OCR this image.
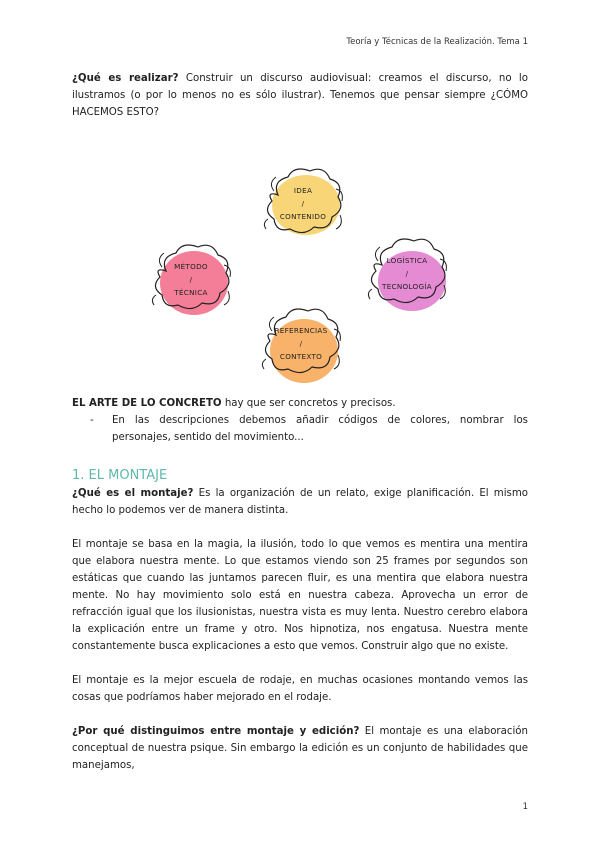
Teoría y Técnicas de la Realización. Tema 1

¿Qué es realizar? Construir un discurso audiovisual: creamos el discurso, no lo ilustramos (o por lo menos no es sólo ilustrar). Tenemos que pensar siempre ¿CÓMO HACEMOS ESTO?

IDEA
/
CONTENIDO
MÉTODO
/
TÉCNICA
LOGÍSTICA
/
TECNOLOGÍA
REFERENCIAS
/
CONTEXTO

EL ARTE DE LO CONCRETO hay que ser concretos y precisos.

-	En las descripciones debemos añadir códigos de colores, nombrar los personajes, sentido del movimiento...
1. EL MONTAJE

¿Qué es el montaje? Es la organización de un relato, exige planificación. El mismo hecho lo podemos ver de manera distinta.

El montaje se basa en la magia, la ilusión, todo lo que vemos es mentira una mentira que elabora nuestra mente. Lo que estamos viendo son 25 frames por segundos son estáticas que cuando las juntamos parecen fluir, es una mentira que elabora nuestra mente. No hay movimiento solo está en nuestra cabeza. Aprovecha un error de refracción igual que los ilusionistas, nuestra vista es muy lenta. Nuestro cerebro elabora la explicación entre un frame y otro. Nos hipnotiza, nos engatusa. Nuestra mente constantemente busca explicaciones a esto que vemos. Construir algo que no existe.

El montaje es la mejor escuela de rodaje, en muchas ocasiones montando vemos las cosas que podríamos haber mejorado en el rodaje.

¿Por qué distinguimos entre montaje y edición? El montaje es una elaboración conceptual de nuestra psique. Sin embargo la edición es un conjunto de habilidades que manejamos,

1
